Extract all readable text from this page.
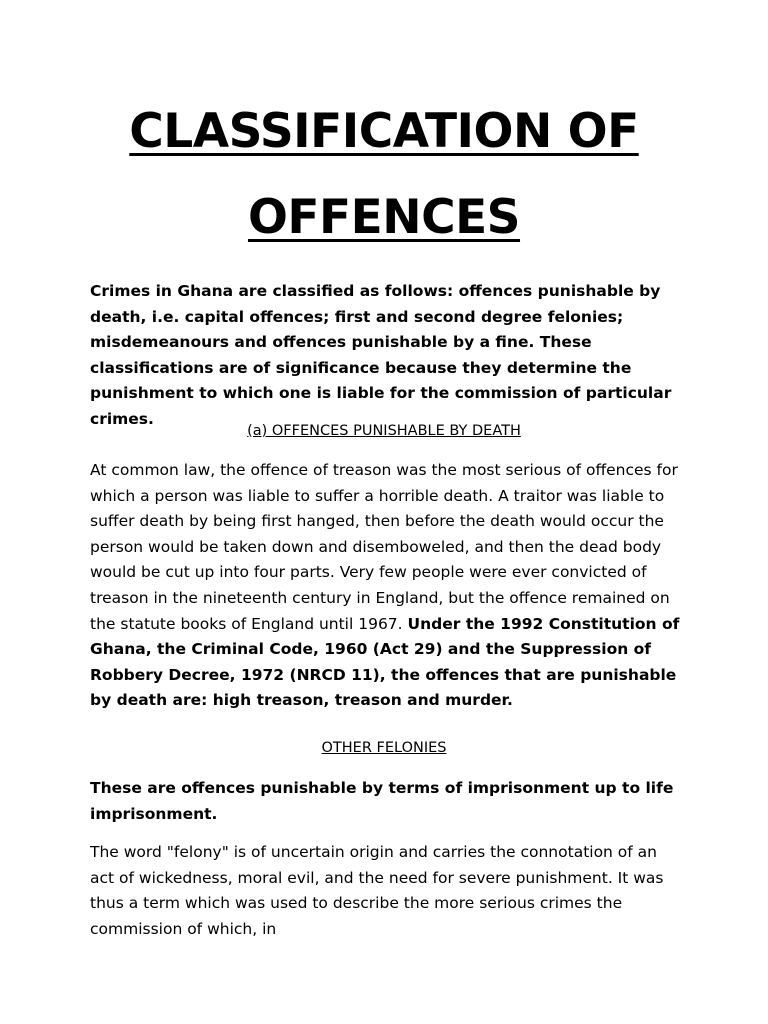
CLASSIFICATION OF
OFFENCES

Crimes in Ghana are classified as follows: offences punishable by death, i.e. capital offences; first and second degree felonies; misdemeanours and offences punishable by a fine. These classifications are of significance because they determine the punishment to which one is liable for the commission of particular crimes.

(a) OFFENCES PUNISHABLE BY DEATH

At common law, the offence of treason was the most serious of offences for which a person was liable to suffer a horrible death. A traitor was liable to suffer death by being first hanged, then before the death would occur the person would be taken down and disemboweled, and then the dead body would be cut up into four parts. Very few people were ever convicted of treason in the nineteenth century in England, but the offence remained on the statute books of England until 1967. Under the 1992 Constitution of Ghana, the Criminal Code, 1960 (Act 29) and the Suppression of Robbery Decree, 1972 (NRCD 11), the offences that are punishable by death are: high treason, treason and murder.

OTHER FELONIES

These are offences punishable by terms of imprisonment up to life imprisonment.

The word "felony" is of uncertain origin and carries the connotation of an act of wickedness, moral evil, and the need for severe punishment. It was thus a term which was used to describe the more serious crimes the commission of which, in
